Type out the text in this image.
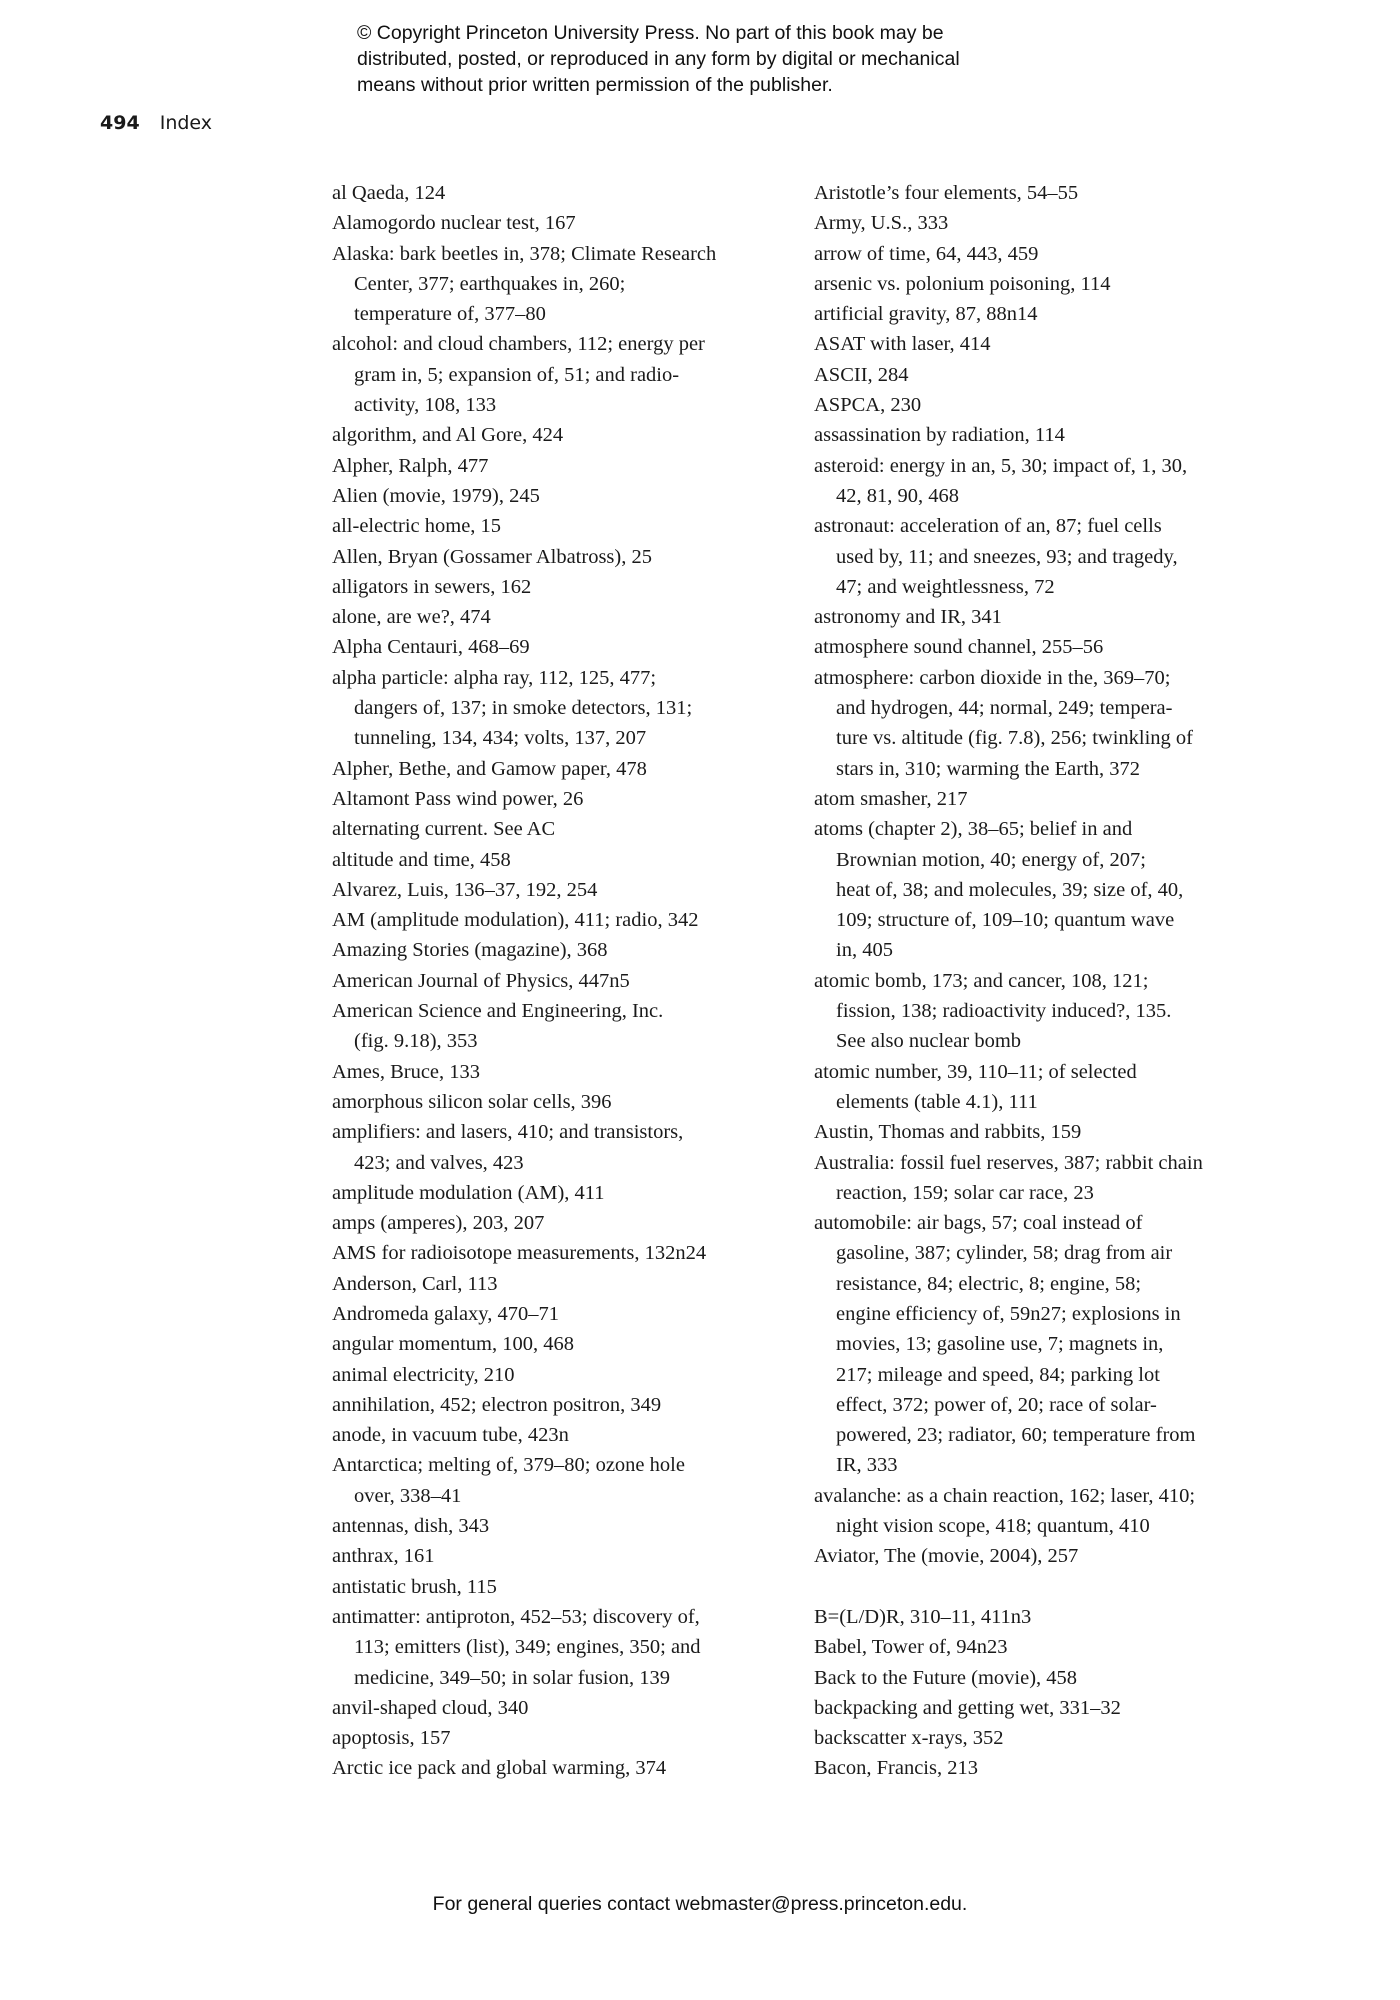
© Copyright Princeton University Press. No part of this book may be
distributed, posted, or reproduced in any form by digital or mechanical
means without prior written permission of the publisher.
494 Index
al Qaeda, 124
Alamogordo nuclear test, 167
Alaska: bark beetles in, 378; Climate Research
Center, 377; earthquakes in, 260;
temperature of, 377–80
alcohol: and cloud chambers, 112; energy per
gram in, 5; expansion of, 51; and radio-
activity, 108, 133
algorithm, and Al Gore, 424
Alpher, Ralph, 477
Alien (movie, 1979), 245
all-electric home, 15
Allen, Bryan (Gossamer Albatross), 25
alligators in sewers, 162
alone, are we?, 474
Alpha Centauri, 468–69
alpha particle: alpha ray, 112, 125, 477;
dangers of, 137; in smoke detectors, 131;
tunneling, 134, 434; volts, 137, 207
Alpher, Bethe, and Gamow paper, 478
Altamont Pass wind power, 26
alternating current. See AC
altitude and time, 458
Alvarez, Luis, 136–37, 192, 254
AM (amplitude modulation), 411; radio, 342
Amazing Stories (magazine), 368
American Journal of Physics, 447n5
American Science and Engineering, Inc.
(fig. 9.18), 353
Ames, Bruce, 133
amorphous silicon solar cells, 396
amplifiers: and lasers, 410; and transistors,
423; and valves, 423
amplitude modulation (AM), 411
amps (amperes), 203, 207
AMS for radioisotope measurements, 132n24
Anderson, Carl, 113
Andromeda galaxy, 470–71
angular momentum, 100, 468
animal electricity, 210
annihilation, 452; electron positron, 349
anode, in vacuum tube, 423n
Antarctica; melting of, 379–80; ozone hole
over, 338–41
antennas, dish, 343
anthrax, 161
antistatic brush, 115
antimatter: antiproton, 452–53; discovery of,
113; emitters (list), 349; engines, 350; and
medicine, 349–50; in solar fusion, 139
anvil-shaped cloud, 340
apoptosis, 157
Arctic ice pack and global warming, 374
Aristotle’s four elements, 54–55
Army, U.S., 333
arrow of time, 64, 443, 459
arsenic vs. polonium poisoning, 114
artificial gravity, 87, 88n14
ASAT with laser, 414
ASCII, 284
ASPCA, 230
assassination by radiation, 114
asteroid: energy in an, 5, 30; impact of, 1, 30,
42, 81, 90, 468
astronaut: acceleration of an, 87; fuel cells
used by, 11; and sneezes, 93; and tragedy,
47; and weightlessness, 72
astronomy and IR, 341
atmosphere sound channel, 255–56
atmosphere: carbon dioxide in the, 369–70;
and hydrogen, 44; normal, 249; tempera-
ture vs. altitude (fig. 7.8), 256; twinkling of
stars in, 310; warming the Earth, 372
atom smasher, 217
atoms (chapter 2), 38–65; belief in and
Brownian motion, 40; energy of, 207;
heat of, 38; and molecules, 39; size of, 40,
109; structure of, 109–10; quantum wave
in, 405
atomic bomb, 173; and cancer, 108, 121;
fission, 138; radioactivity induced?, 135.
See also nuclear bomb
atomic number, 39, 110–11; of selected
elements (table 4.1), 111
Austin, Thomas and rabbits, 159
Australia: fossil fuel reserves, 387; rabbit chain
reaction, 159; solar car race, 23
automobile: air bags, 57; coal instead of
gasoline, 387; cylinder, 58; drag from air
resistance, 84; electric, 8; engine, 58;
engine efficiency of, 59n27; explosions in
movies, 13; gasoline use, 7; magnets in,
217; mileage and speed, 84; parking lot
effect, 372; power of, 20; race of solar-
powered, 23; radiator, 60; temperature from
IR, 333
avalanche: as a chain reaction, 162; laser, 410;
night vision scope, 418; quantum, 410
Aviator, The (movie, 2004), 257
B=(L/D)R, 310–11, 411n3
Babel, Tower of, 94n23
Back to the Future (movie), 458
backpacking and getting wet, 331–32
backscatter x-rays, 352
Bacon, Francis, 213
For general queries contact webmaster@press.princeton.edu.
